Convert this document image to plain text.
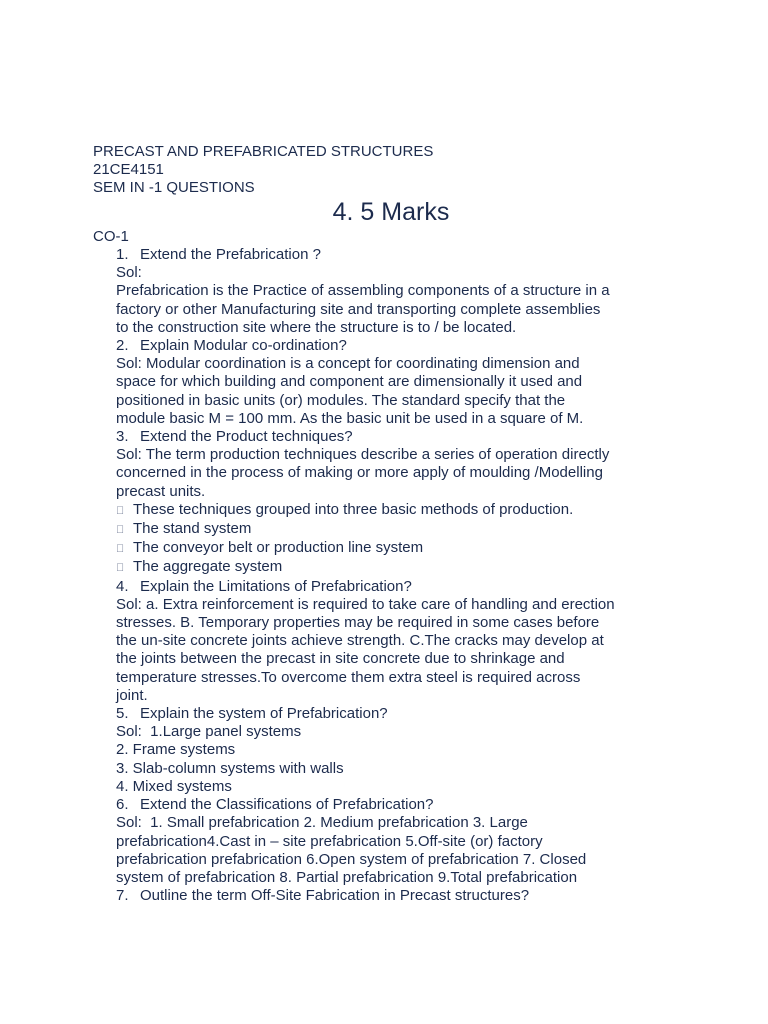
PRECAST AND PREFABRICATED STRUCTURES
21CE4151
SEM IN -1 QUESTIONS
4. 5 Marks
CO-1
1. Extend the Prefabrication ?
Sol:
Prefabrication is the Practice of assembling components of a structure in a
factory or other Manufacturing site and transporting complete assemblies
to the construction site where the structure is to / be located.
2. Explain Modular co-ordination?
Sol: Modular coordination is a concept for coordinating dimension and
space for which building and component are dimensionally it used and
positioned in basic units (or) modules. The standard specify that the
module basic M = 100 mm. As the basic unit be used in a square of M.
3. Extend the Product techniques?
Sol: The term production techniques describe a series of operation directly
concerned in the process of making or more apply of moulding /Modelling
precast units.
These techniques grouped into three basic methods of production.
The stand system
The conveyor belt or production line system
The aggregate system
4. Explain the Limitations of Prefabrication?
Sol: a. Extra reinforcement is required to take care of handling and erection
stresses. B. Temporary properties may be required in some cases before
the un-site concrete joints achieve strength. C.The cracks may develop at
the joints between the precast in site concrete due to shrinkage and
temperature stresses.To overcome them extra steel is required across
joint.
5. Explain the system of Prefabrication?
Sol:  1.Large panel systems
2. Frame systems
3. Slab-column systems with walls
4. Mixed systems
6. Extend the Classifications of Prefabrication?
Sol:  1. Small prefabrication 2. Medium prefabrication 3. Large
prefabrication4.Cast in – site prefabrication 5.Off-site (or) factory
prefabrication prefabrication 6.Open system of prefabrication 7. Closed
system of prefabrication 8. Partial prefabrication 9.Total prefabrication
7. Outline the term Off-Site Fabrication in Precast structures?
